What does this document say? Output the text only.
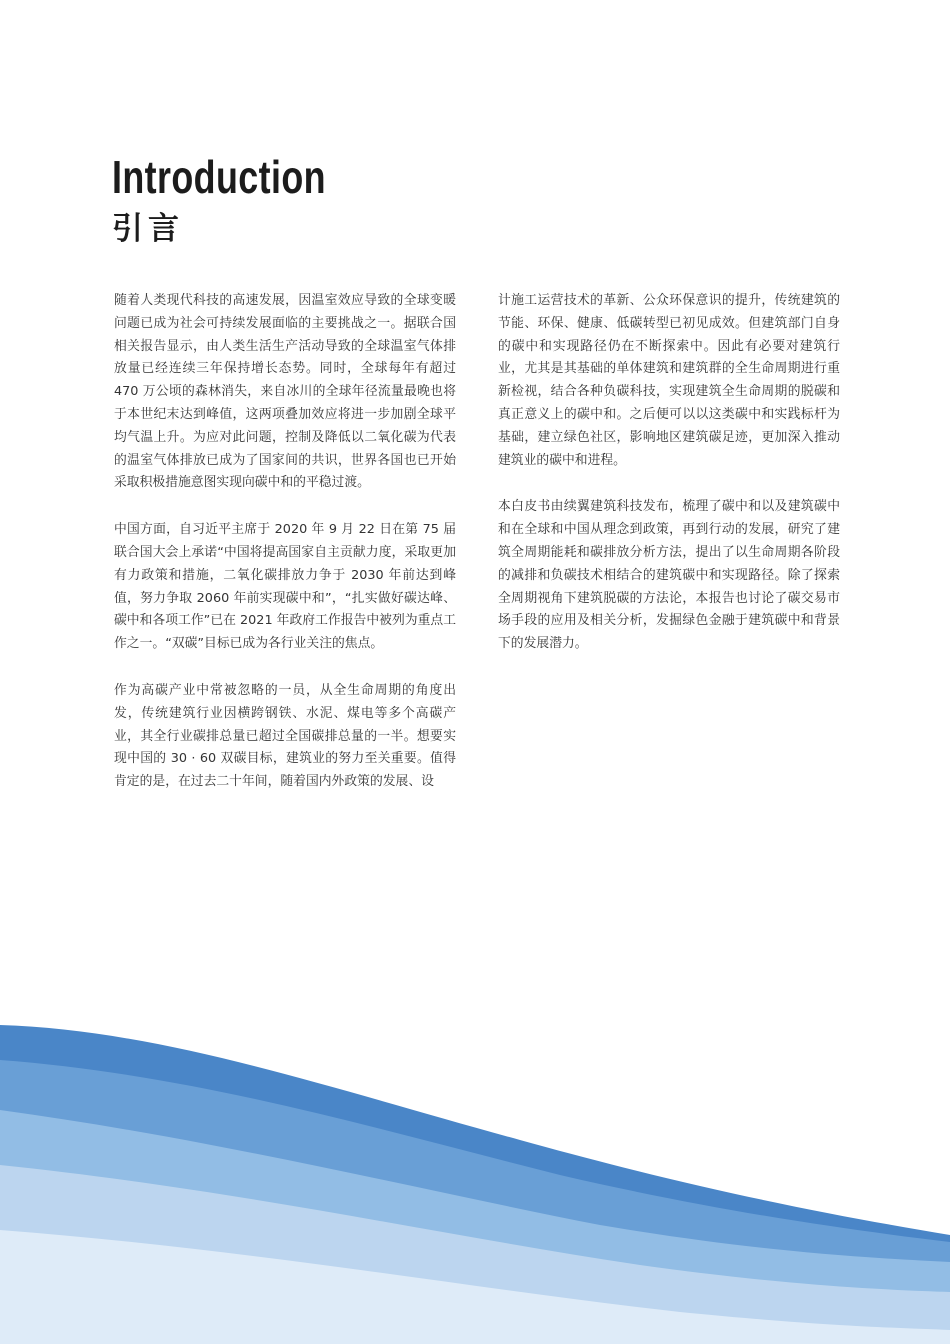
Introduction
引言

随着人类现代科技的高速发展，因温室效应导致的全球变暖问题已成为社会可持续发展面临的主要挑战之一。据联合国相关报告显示，由人类生活生产活动导致的全球温室气体排放量已经连续三年保持增长态势。同时，全球每年有超过 470 万公顷的森林消失，来自冰川的全球年径流量最晚也将于本世纪末达到峰值，这两项叠加效应将进一步加剧全球平均气温上升。为应对此问题，控制及降低以二氧化碳为代表的温室气体排放已成为了国家间的共识，世界各国也已开始采取积极措施意图实现向碳中和的平稳过渡。

中国方面，自习近平主席于 2020 年 9 月 22 日在第 75 届联合国大会上承诺“中国将提高国家自主贡献力度，采取更加有力政策和措施，二氧化碳排放力争于 2030 年前达到峰值，努力争取 2060 年前实现碳中和”，“扎实做好碳达峰、碳中和各项工作”已在 2021 年政府工作报告中被列为重点工作之一。“双碳”目标已成为各行业关注的焦点。

作为高碳产业中常被忽略的一员，从全生命周期的角度出发，传统建筑行业因横跨钢铁、水泥、煤电等多个高碳产业，其全行业碳排总量已超过全国碳排总量的一半。想要实现中国的 30 · 60 双碳目标，建筑业的努力至关重要。值得肯定的是，在过去二十年间，随着国内外政策的发展、设

计施工运营技术的革新、公众环保意识的提升，传统建筑的节能、环保、健康、低碳转型已初见成效。但建筑部门自身的碳中和实现路径仍在不断探索中。因此有必要对建筑行业，尤其是其基础的单体建筑和建筑群的全生命周期进行重新检视，结合各种负碳科技，实现建筑全生命周期的脱碳和真正意义上的碳中和。之后便可以以这类碳中和实践标杆为基础，建立绿色社区，影响地区建筑碳足迹，更加深入推动建筑业的碳中和进程。

本白皮书由续翼建筑科技发布，梳理了碳中和以及建筑碳中和在全球和中国从理念到政策，再到行动的发展，研究了建筑全周期能耗和碳排放分析方法，提出了以生命周期各阶段的减排和负碳技术相结合的建筑碳中和实现路径。除了探索全周期视角下建筑脱碳的方法论，本报告也讨论了碳交易市场手段的应用及相关分析，发掘绿色金融于建筑碳中和背景下的发展潜力。
